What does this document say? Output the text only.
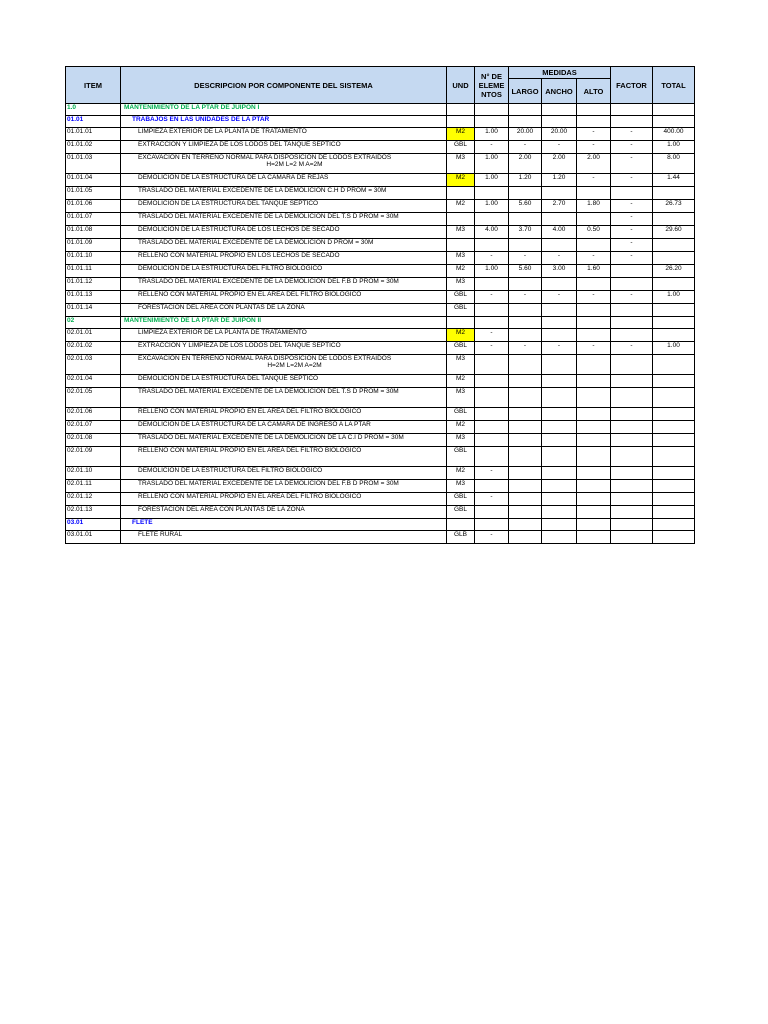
ITEM	DESCRIPCION POR COMPONENTE DEL SISTEMA	UND	N° DE ELEME NTOS	MEDIDAS			FACTOR	TOTAL
				LARGO	ANCHO	ALTO		
1.0	MANTENIMIENTO DE LA PTAR DE JUIPON I							
01.01	TRABAJOS EN LAS UNIDADES DE LA PTAR							

01.01.01	LIMPIEZA EXTERIOR DE LA PLANTA DE TRATAMIENTO	M2	1.00	20.00	20.00	-	-	400.00
01.01.02	EXTRACCION Y LIMPIEZA DE LOS LODOS DEL TANQUE SEPTICO	GBL	-	-	-	-	-	1.00
01.01.03	EXCAVACION EN TERRENO NORMAL PARA DISPOSICION DE LODOS EXTRAIDOS
H=2M L=2 M A=2M	M3	1.00	2.00	2.00	2.00	-	8.00
01.01.04	DEMOLICION DE LA ESTRUCTURA DE LA CAMARA DE REJAS	M2	1.00	1.20	1.20	-	-	1.44
01.01.05	TRASLADO DEL MATERIAL EXCEDENTE DE LA DEMOLICION C.H D PROM = 30M							

01.01.06	DEMOLICION DE LA ESTRUCTURA DEL TANQUE SEPTICO	M2	1.00	5.60	2.70	1.80	-	26.73
01.01.07	TRASLADO DEL MATERIAL EXCEDENTE DE LA DEMOLICION DEL T.S D PROM = 30M						-	
01.01.08	DEMOLICION DE LA ESTRUCTURA DE LOS LECHOS DE SECADO	M3	4.00	3.70	4.00	0.50	-	29.60
01.01.09	TRASLADO DEL MATERIAL EXCEDENTE DE LA DEMOLICION D PROM = 30M						-	
01.01.10	RELLENO CON MATERIAL PROPIO EN LOS LECHOS DE SECADO	M3	-	-	-	-	-	
01.01.11	DEMOLICION DE LA ESTRUCTURA DEL FILTRO BIOLOGICO	M2	1.00	5.60	3.00	1.60		26.20
01.01.12	TRASLADO DEL MATERIAL EXCEDENTE DE LA DEMOLICION DEL F.B D PROM = 30M	M3						
01.01.13	RELLENO CON MATERIAL PROPIO EN EL AREA DEL FILTRO BIOLOGICO	GBL	-	-	-	-	-	1.00
01.01.14	FORESTACION DEL AREA CON PLANTAS DE LA ZONA	GBL						
02	MANTENIMIENTO DE LA PTAR DE JUIPON II							
02.01.01	LIMPIEZA EXTERIOR DE LA PLANTA DE TRATAMIENTO	M2	-					
02.01.02	EXTRACCION Y LIMPIEZA DE LOS LODOS DEL TANQUE SEPTICO	GBL	-	-	-	-	-	1.00
02.01.03	EXCAVACION EN TERRENO NORMAL PARA DISPOSICION DE LODOS EXTRAIDOS
H=2M L=2M A=2M	M3						
02.01.04	DEMOLICION DE LA ESTRUCTURA DEL TANQUE SEPTICO	M2						
02.01.05	TRASLADO DEL MATERIAL EXCEDENTE DE LA DEMOLICION DEL T.S D PROM = 30M	M3						
02.01.06	RELLENO CON MATERIAL PROPIO EN EL AREA DEL FILTRO BIOLOGICO	GBL						
02.01.07	DEMOLICION DE LA ESTRUCTURA DE LA CAMARA DE INGRESO A LA PTAR	M2						
02.01.08	TRASLADO DEL MATERIAL EXCEDENTE DE LA DEMOLICION DE LA C.I D PROM = 30M	M3						
02.01.09	RELLENO CON MATERIAL PROPIO EN EL AREA DEL FILTRO BIOLOGICO	GBL						
02.01.10	DEMOLICION DE LA ESTRUCTURA DEL FILTRO BIOLOGICO	M2	-					
02.01.11	TRASLADO DEL MATERIAL EXCEDENTE DE LA DEMOLICION DEL F.B D PROM = 30M	M3						
02.01.12	RELLENO CON MATERIAL PROPIO EN EL AREA DEL FILTRO BIOLOGICO	GBL	-					
02.01.13	FORESTACION DEL AREA CON PLANTAS DE LA ZONA	GBL						
03.01	FLETE							

03.01.01	FLETE RURAL	GLB	-					
